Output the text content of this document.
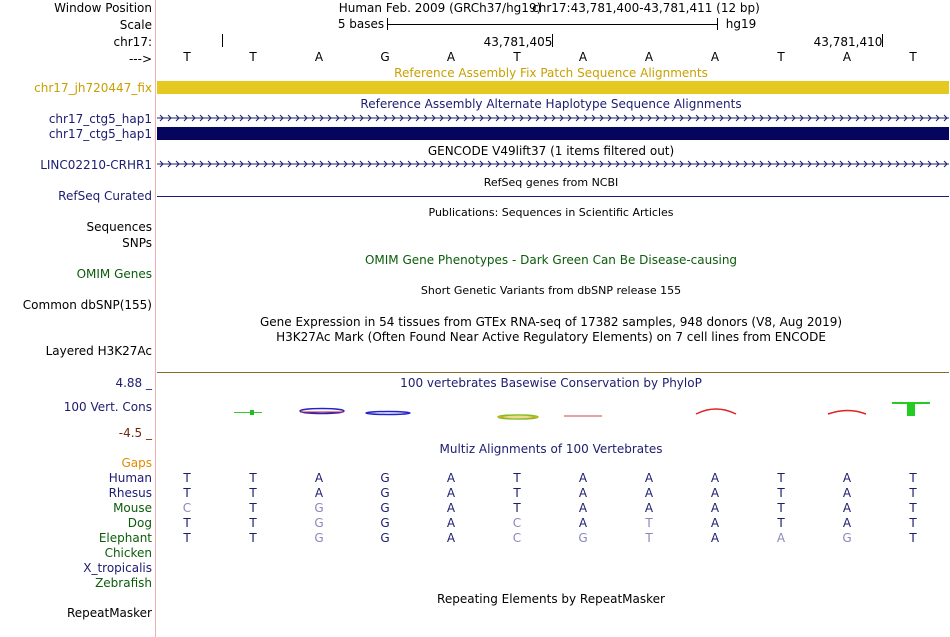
Window Position	Human Feb. 2009 (GRCh37/hg19)
chr17:43,781,400-43,781,411 (12 bp)
Scale	5 bases	hg19
chr17:	43,781,405	43,781,410
--->	T	T	A	G	A	T	A	A	A	T	A	T
Reference Assembly Fix Patch Sequence Alignments
chr17_jh720447_fix
Reference Assembly Alternate Haplotype Sequence Alignments
chr17_ctg5_hap1
chr17_ctg5_hap1
GENCODE V49lift37 (1 items filtered out)
LINC02210-CRHR1
RefSeq genes from NCBI
RefSeq Curated
Publications: Sequences in Scientific Articles
Sequences
SNPs
OMIM Gene Phenotypes - Dark Green Can Be Disease-causing
OMIM Genes
Short Genetic Variants from dbSNP release 155
Common dbSNP(155)
Gene Expression in 54 tissues from GTEx RNA-seq of 17382 samples, 948 donors (V8, Aug 2019)
H3K27Ac Mark (Often Found Near Active Regulatory Elements) on 7 cell lines from ENCODE
Layered H3K27Ac
4.88 _	100 vertebrates Basewise Conservation by PhyloP
100 Vert. Cons
-4.5 _
Multiz Alignments of 100 Vertebrates
Gaps
Human	T	T	A	G	A	T	A	A	A	T	A	T
Rhesus	T	T	A	G	A	T	A	A	A	T	A	T
Mouse	C	T	G	G	A	T	A	A	A	T	A	T
Dog	T	T	G	G	A	C	A	T	A	T	A	T
Elephant	T	T	G	G	A	C	G	T	A	A	G	T
Chicken
X_tropicalis
Zebrafish
Repeating Elements by RepeatMasker
RepeatMasker
